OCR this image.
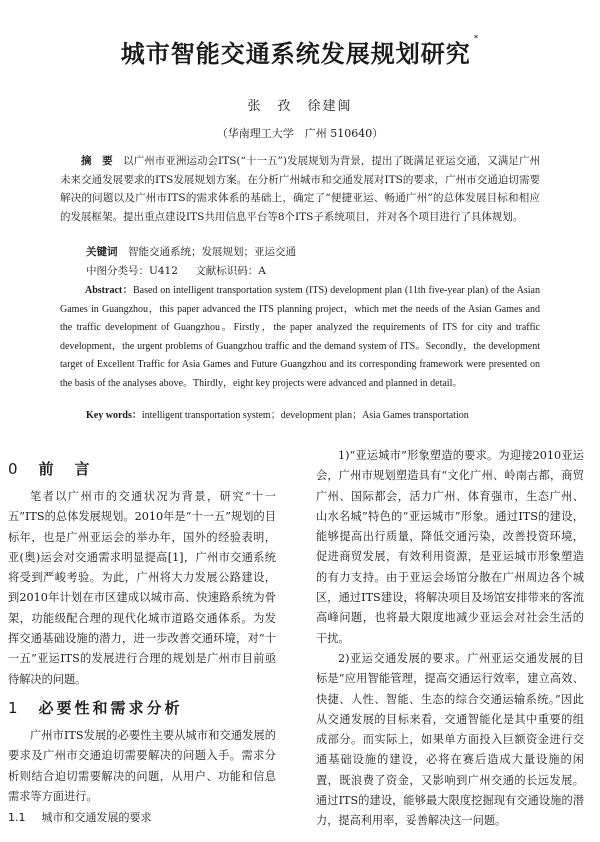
城市智能交通系统发展规划研究*
张　孜　徐建闽
（华南理工大学　广州 510640）
摘　要　以广州市亚洲运动会ITS(“十一五”)发展规划为背景，提出了既满足亚运交通，又满足广州未来交通发展要求的ITS发展规划方案。在分析广州城市和交通发展对ITS的要求，广州市交通迫切需要解决的问题以及广州市ITS的需求体系的基础上，确定了“便捷亚运、畅通广州”的总体发展目标和相应的发展框架。提出重点建设ITS共用信息平台等8个ITS子系统项目，并对各个项目进行了具体规划。
关键词　智能交通系统；发展规划；亚运交通
中图分类号：U412 文献标识码：A
Abstract：Based on intelligent transportation system (ITS) development plan (11th five-year plan) of the Asian Games in Guangzhou，this paper advanced the ITS planning project，which met the needs of the Asian Games and the traffic development of Guangzhou。Firstly，the paper analyzed the requirements of ITS for city and traffic development，the urgent problems of Guangzhou traffic and the demand system of ITS。Secondly，the development target of Excellent Traffic for Asia Games and Future Guangzhou and its corresponding framework were presented on the basis of the analyses above。Thirdly，eight key projects were advanced and planned in detail。
Key words：intelligent transportation system；development plan；Asia Games transportation
0 前　言

笔者以广州市的交通状况为背景，研究“十一五”ITS的总体发展规划。2010年是“十一五”规划的目标年，也是广州亚运会的举办年，国外的经验表明，亚(奥)运会对交通需求明显提高[1]，广州市交通系统将受到严峻考验。为此，广州将大力发展公路建设，到2010年计划在市区建成以城市高、快速路系统为骨架，功能级配合理的现代化城市道路交通体系。为发挥交通基础设施的潜力，进一步改善交通环境，对“十一五”亚运ITS的发展进行合理的规划是广州市目前亟待解决的问题。

1 必要性和需求分析

广州市ITS发展的必要性主要从城市和交通发展的要求及广州市交通迫切需要解决的问题入手。需求分析则结合迫切需要解决的问题，从用户、功能和信息需求等方面进行。

1.1 城市和交通发展的要求

1)“亚运城市”形象塑造的要求。为迎接2010亚运会，广州市规划塑造具有“文化广州、岭南古都，商贸广州、国际都会，活力广州、体育强市，生态广州、山水名城”特色的“亚运城市”形象。通过ITS的建设，能够提高出行质量，降低交通污染，改善投资环境，促进商贸发展，有效利用资源，是亚运城市形象塑造的有力支持。由于亚运会场馆分散在广州周边各个城区，通过ITS建设，将解决项目及场馆安排带来的客流高峰问题，也将最大限度地减少亚运会对社会生活的干扰。

2)亚运交通发展的要求。广州亚运交通发展的目标是“应用智能管理，提高交通运行效率，建立高效、快捷、人性、智能、生态的综合交通运输系统。”因此从交通发展的目标来看，交通智能化是其中重要的组成部分。而实际上，如果单方面投入巨额资金进行交通基础设施的建设，必将在赛后造成大量设施的闲置，既浪费了资金，又影响到广州交通的长远发展。通过ITS的建设，能够最大限度挖掘现有交通设施的潜力，提高利用率，妥善解决这一问题。
